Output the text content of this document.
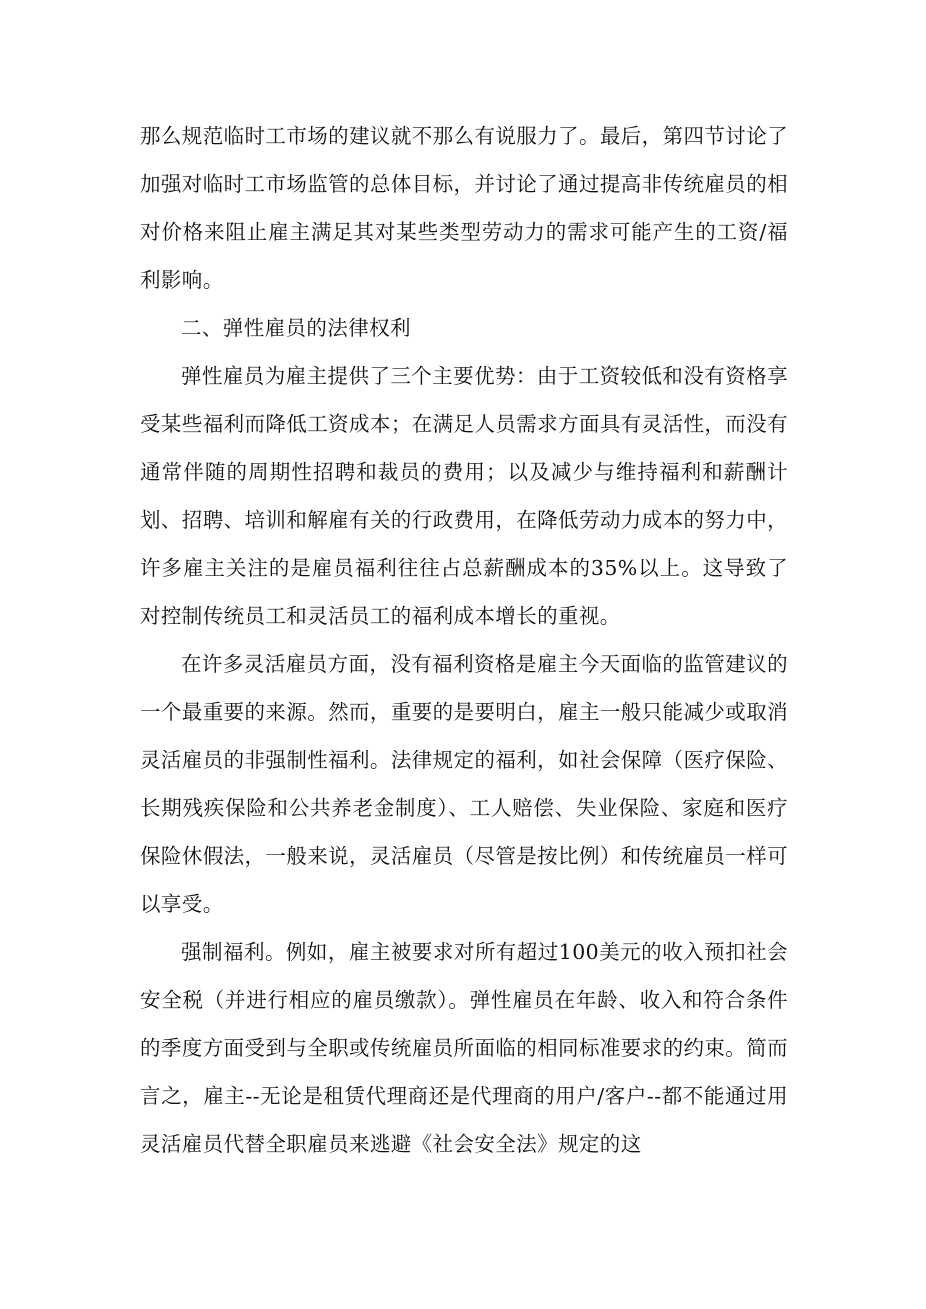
那么规范临时工市场的建议就不那么有说服力了。最后，第四节讨论了加强对临时工市场监管的总体目标，并讨论了通过提高非传统雇员的相对价格来阻止雇主满足其对某些类型劳动力的需求可能产生的工资/福利影响。

二、弹性雇员的法律权利

弹性雇员为雇主提供了三个主要优势：由于工资较低和没有资格享受某些福利而降低工资成本；在满足人员需求方面具有灵活性，而没有通常伴随的周期性招聘和裁员的费用；以及减少与维持福利和薪酬计划、招聘、培训和解雇有关的行政费用，在降低劳动力成本的努力中，许多雇主关注的是雇员福利往往占总薪酬成本的35%以上。这导致了对控制传统员工和灵活员工的福利成本增长的重视。

在许多灵活雇员方面，没有福利资格是雇主今天面临的监管建议的一个最重要的来源。然而，重要的是要明白，雇主一般只能减少或取消灵活雇员的非强制性福利。法律规定的福利，如社会保障（医疗保险、长期残疾保险和公共养老金制度）、工人赔偿、失业保险、家庭和医疗保险休假法，一般来说，灵活雇员（尽管是按比例）和传统雇员一样可以享受。

强制福利。例如，雇主被要求对所有超过100美元的收入预扣社会安全税（并进行相应的雇员缴款）。弹性雇员在年龄、收入和符合条件的季度方面受到与全职或传统雇员所面临的相同标准要求的约束。简而言之，雇主--无论是租赁代理商还是代理商的用户/客户--都不能通过用灵活雇员代替全职雇员来逃避《社会安全法》规定的这
